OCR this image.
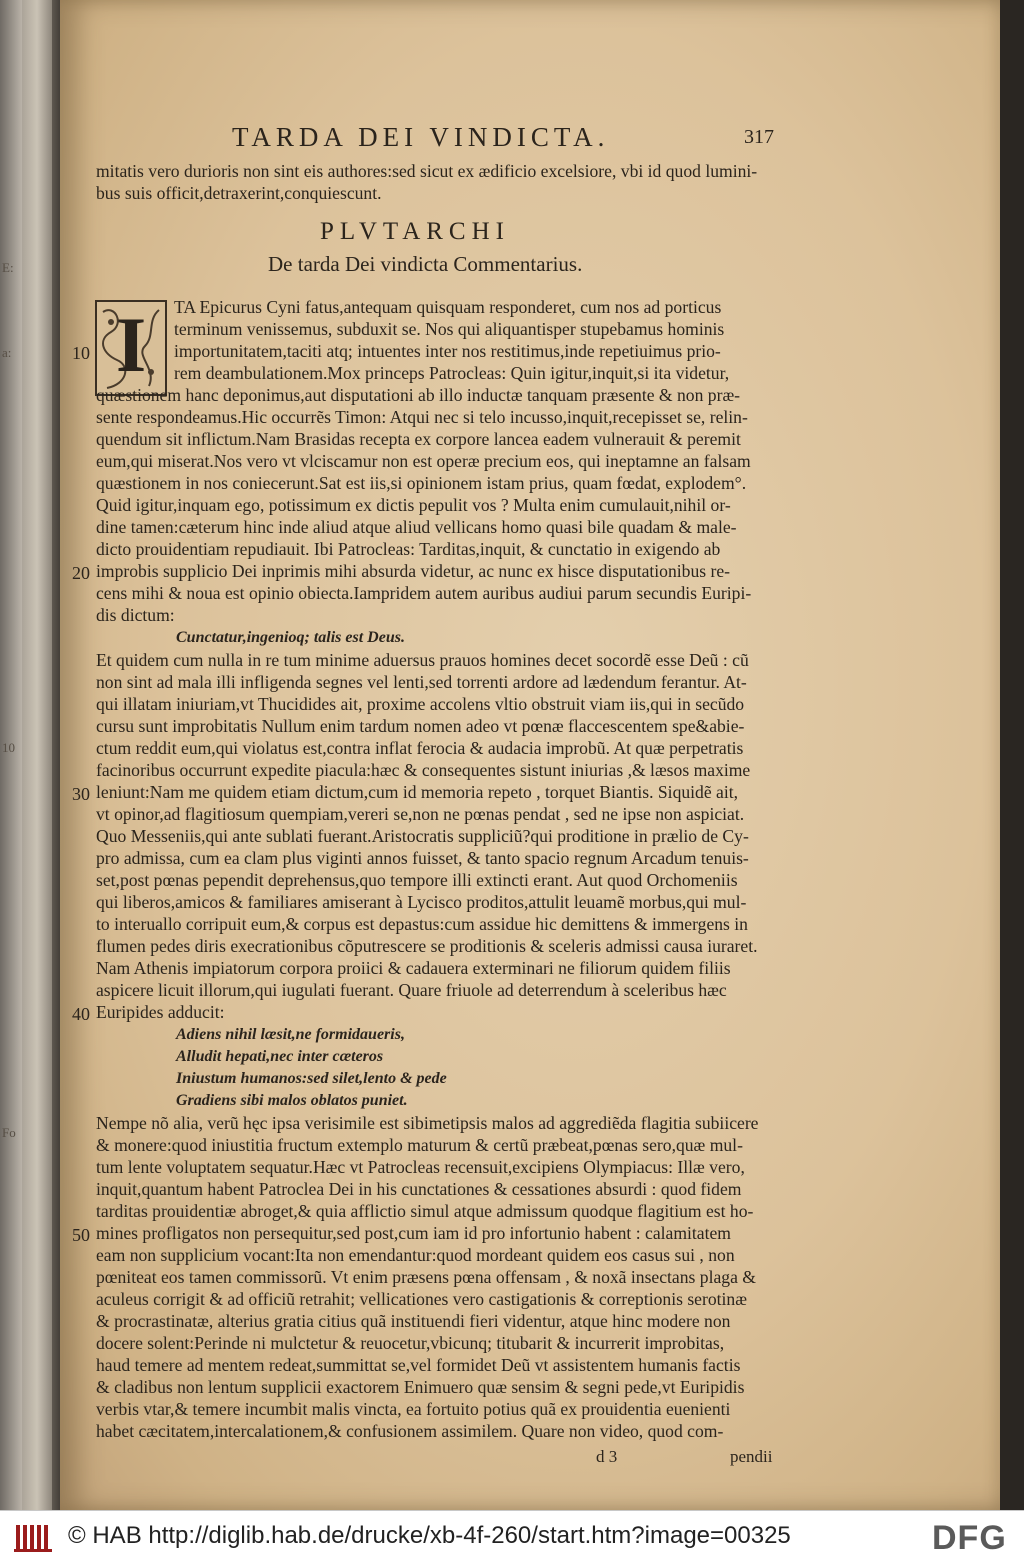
E:
a:
10
Fo
TARDA DEI VINDICTA.	317
mitatis vero durioris non sint eis authores:sed sicut ex ædificio excelsiore, vbi id quod lumini-
bus suis officit,detraxerint,conquiescunt.
PLVTARCHI
De tarda Dei vindicta Commentarius.
I	TA Epicurus Cyni fatus,antequam quisquam responderet, cum nos ad porticus
terminum venissemus, subduxit se. Nos qui aliquantisper stupebamus hominis
importunitatem,taciti atq; intuentes inter nos restitimus,inde repetiuimus prio-
rem deambulationem.Mox princeps Patrocleas: Quin igitur,inquit,si ita videtur,
quæstionem hanc deponimus,aut disputationi ab illo inductæ tanquam præsente & non præ-
sente respondeamus.Hic occurrẽs Timon: Atqui nec si telo incusso,inquit,recepisset se, relin-
quendum sit inflictum.Nam Brasidas recepta ex corpore lancea eadem vulnerauit & peremit
eum,qui miserat.Nos vero vt vlciscamur non est operæ precium eos, qui ineptamne an falsam
quæstionem in nos coniecerunt.Sat est iis,si opinionem istam prius, quam fœdat, explodem°.
Quid igitur,inquam ego, potissimum ex dictis pepulit vos ? Multa enim cumulauit,nihil or-
dine tamen:cæterum hinc inde aliud atque aliud vellicans homo quasi bile quadam & male-
dicto prouidentiam repudiauit. Ibi Patrocleas: Tarditas,inquit, & cunctatio in exigendo ab
improbis supplicio Dei inprimis mihi absurda videtur, ac nunc ex hisce disputationibus re-
cens mihi & noua est opinio obiecta.Iampridem autem auribus audiui parum secundis Euripi-
dis dictum:
Cunctatur,ingenioq; talis est Deus.
Et quidem cum nulla in re tum minime aduersus prauos homines decet socordẽ esse Deũ : cũ
non sint ad mala illi infligenda segnes vel lenti,sed torrenti ardore ad lædendum ferantur. At-
qui illatam iniuriam,vt Thucidides ait, proxime accolens vltio obstruit viam iis,qui in secũdo
cursu sunt improbitatis Nullum enim tardum nomen adeo vt pœnæ flaccescentem spe&abie-
ctum reddit eum,qui violatus est,contra inflat ferocia & audacia improbũ. At quæ perpetratis
facinoribus occurrunt expedite piacula:hæc & consequentes sistunt iniurias ,& læsos maxime
leniunt:Nam me quidem etiam dictum,cum id memoria repeto , torquet Biantis. Siquidẽ ait,
vt opinor,ad flagitiosum quempiam,vereri se,non ne pœnas pendat , sed ne ipse non aspiciat.
Quo Messeniis,qui ante sublati fuerant.Aristocratis suppliciũ?qui proditione in prælio de Cy-
pro admissa, cum ea clam plus viginti annos fuisset, & tanto spacio regnum Arcadum tenuis-
set,post pœnas pependit deprehensus,quo tempore illi extincti erant. Aut quod Orchomeniis
qui liberos,amicos & familiares amiserant à Lycisco proditos,attulit leuamẽ morbus,qui mul-
to interuallo corripuit eum,& corpus est depastus:cum assidue hic demittens & immergens in
flumen pedes diris execrationibus cõputrescere se proditionis & sceleris admissi causa iuraret.
Nam Athenis impiatorum corpora proiici & cadauera exterminari ne filiorum quidem filiis
aspicere licuit illorum,qui iugulati fuerant. Quare friuole ad deterrendum à sceleribus hæc
Euripides adducit:
Adiens nihil læsit,ne formidaueris,
Alludit hepati,nec inter cæteros
Iniustum humanos:sed silet,lento & pede
Gradiens sibi malos oblatos puniet.
Nempe nõ alia, verũ hęc ipsa verisimile est sibimetipsis malos ad aggrediẽda flagitia subiicere
& monere:quod iniustitia fructum extemplo maturum & certũ præbeat,pœnas sero,quæ mul-
tum lente voluptatem sequatur.Hæc vt Patrocleas recensuit,excipiens Olympiacus: Illæ vero,
inquit,quantum habent Patroclea Dei in his cunctationes & cessationes absurdi : quod fidem
tarditas prouidentiæ abroget,& quia afflictio simul atque admissum quodque flagitium est ho-
mines profligatos non persequitur,sed post,cum iam id pro infortunio habent : calamitatem
eam non supplicium vocant:Ita non emendantur:quod mordeant quidem eos casus sui , non
pœniteat eos tamen commissorũ. Vt enim præsens pœna offensam , & noxã insectans plaga &
aculeus corrigit & ad officiũ retrahit; vellicationes vero castigationis & correptionis serotinæ
& procrastinatæ, alterius gratia citius quã instituendi fieri videntur, atque hinc modere non
docere solent:Perinde ni mulctetur & reuocetur,vbicunq; titubarit & incurrerit improbitas,
haud temere ad mentem redeat,summittat se,vel formidet Deũ vt assistentem humanis factis
& cladibus non lentum supplicii exactorem Enimuero quæ sensim & segni pede,vt Euripidis
verbis vtar,& temere incumbit malis vincta, ea fortuito potius quã ex prouidentia euenienti
habet cæcitatem,intercalationem,& confusionem assimilem. Quare non video, quod com-
d 3	pendii
10
20
30
40
50
© HAB http://diglib.hab.de/drucke/xb-4f-260/start.htm?image=00325	DFG
